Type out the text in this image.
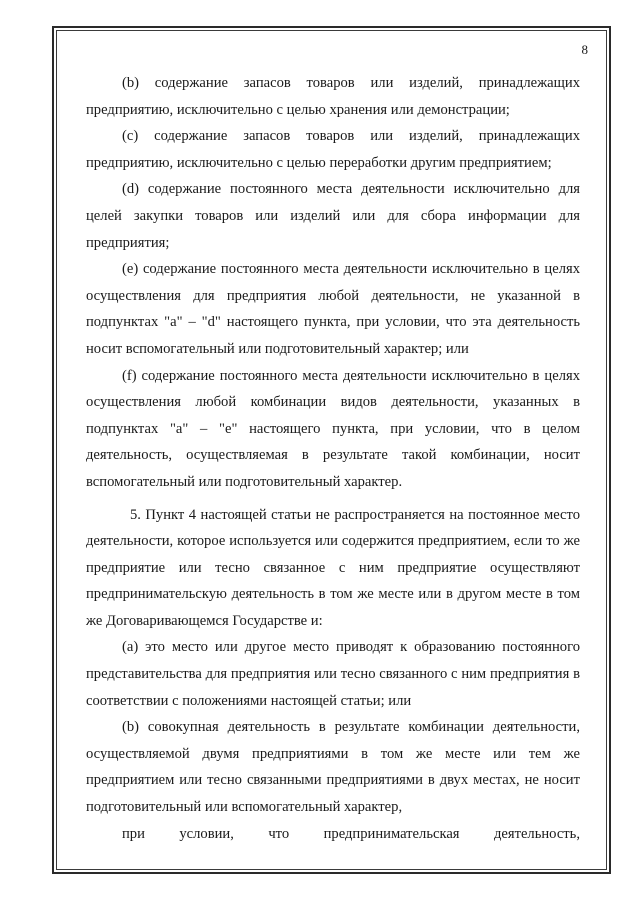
8

(b) содержание запасов товаров или изделий, принадлежащих предприятию, исключительно с целью хранения или демонстрации;

(с) содержание запасов товаров или изделий, принадлежащих предприятию, исключительно с целью переработки другим предприятием;

(d) содержание постоянного места деятельности исключительно для целей закупки товаров или изделий или для сбора информации для предприятия;

(е) содержание постоянного места деятельности исключительно в целях осуществления для предприятия любой деятельности, не указанной в подпунктах "а" – "d" настоящего пункта, при условии, что эта деятельность носит вспомогательный или подготовительный характер; или

(f) содержание постоянного места деятельности исключительно в целях осуществления любой комбинации видов деятельности, указанных в подпунктах "а" – "е" настоящего пункта, при условии, что в целом деятельность, осуществляемая в результате такой комбинации, носит вспомогательный или подготовительный характер.

5. Пункт 4 настоящей статьи не распространяется на постоянное место деятельности, которое используется или содержится предприятием, если то же предприятие или тесно связанное с ним предприятие осуществляют предпринимательскую деятельность в том же месте или в другом месте в том же Договаривающемся Государстве и:

(а) это место или другое место приводят к образованию постоянного представительства для предприятия или тесно связанного с ним предприятия в соответствии с положениями настоящей статьи; или

(b) совокупная деятельность в результате комбинации деятельности, осуществляемой двумя предприятиями в том же месте или тем же предприятием или тесно связанными предприятиями в двух местах, не носит подготовительный или вспомогательный характер,

при условии, что предпринимательская деятельность,
